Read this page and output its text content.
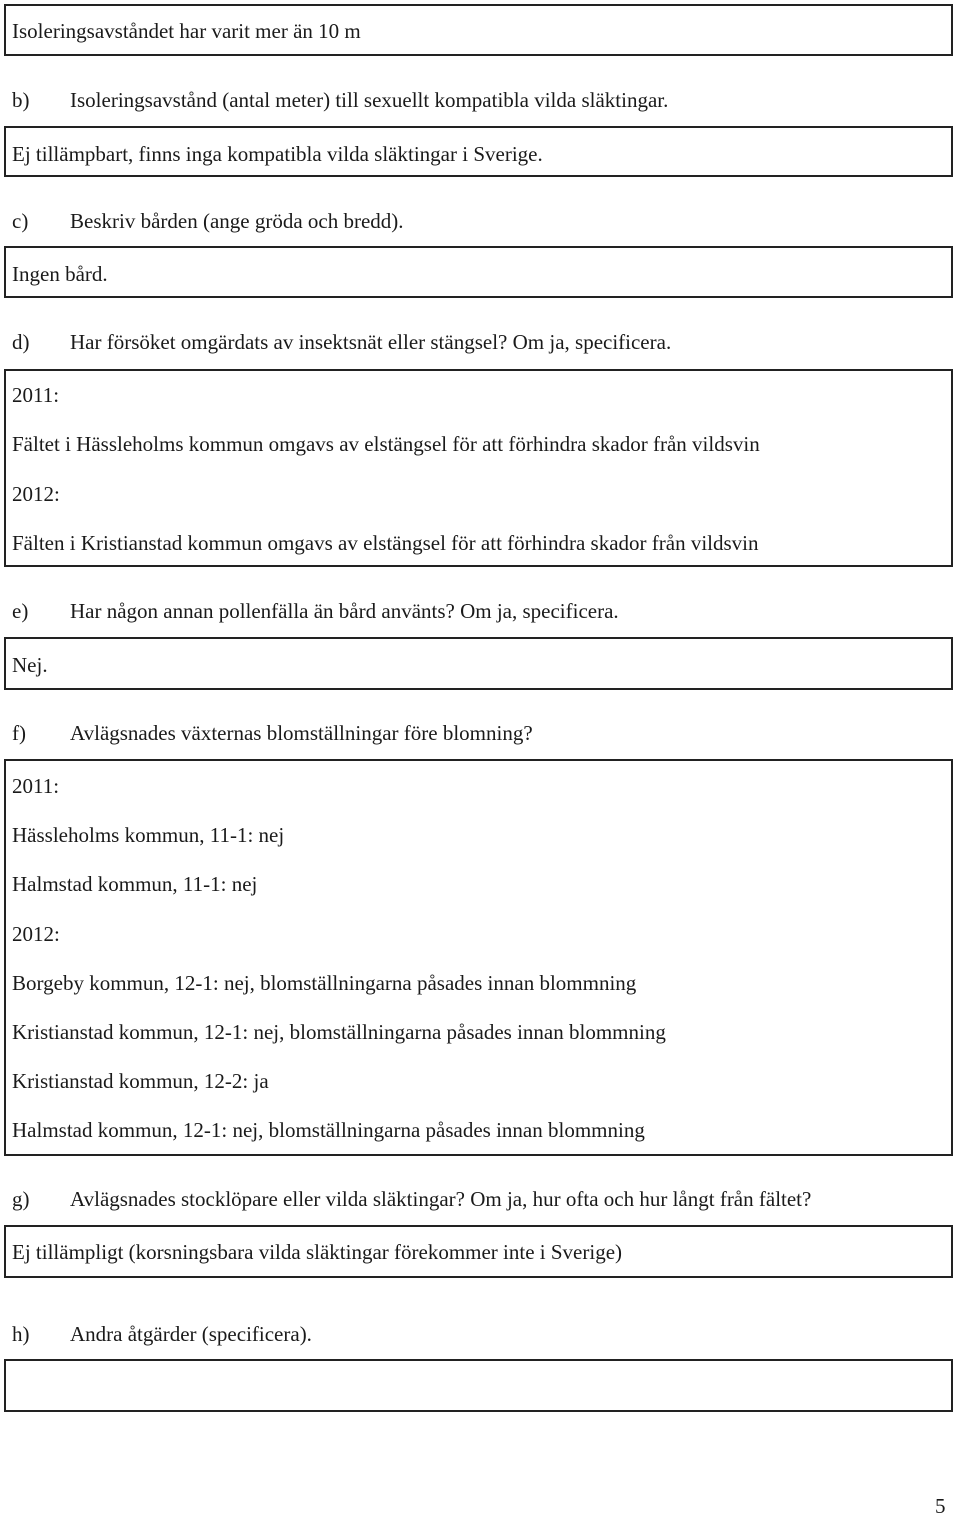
Isoleringsavståndet har varit mer än 10 m
b) Isoleringsavstånd (antal meter) till sexuellt kompatibla vilda släktingar.
Ej tillämpbart, finns inga kompatibla vilda släktingar i Sverige.
c) Beskriv bården (ange gröda och bredd).
Ingen bård.
d) Har försöket omgärdats av insektsnät eller stängsel? Om ja, specificera.
2011:
Fältet i Hässleholms kommun omgavs av elstängsel för att förhindra skador från vildsvin
2012:
Fälten i Kristianstad kommun omgavs av elstängsel för att förhindra skador från vildsvin
e) Har någon annan pollenfälla än bård använts? Om ja, specificera.
Nej.
f) Avlägsnades växternas blomställningar före blomning?
2011:
Hässleholms kommun, 11-1: nej
Halmstad kommun, 11-1: nej
2012:
Borgeby kommun, 12-1: nej, blomställningarna påsades innan blommning
Kristianstad kommun, 12-1: nej, blomställningarna påsades innan blommning
Kristianstad kommun, 12-2: ja
Halmstad kommun, 12-1: nej, blomställningarna påsades innan blommning
g) Avlägsnades stocklöpare eller vilda släktingar? Om ja, hur ofta och hur långt från fältet?
Ej tillämpligt (korsningsbara vilda släktingar förekommer inte i Sverige)
h) Andra åtgärder (specificera).
5
